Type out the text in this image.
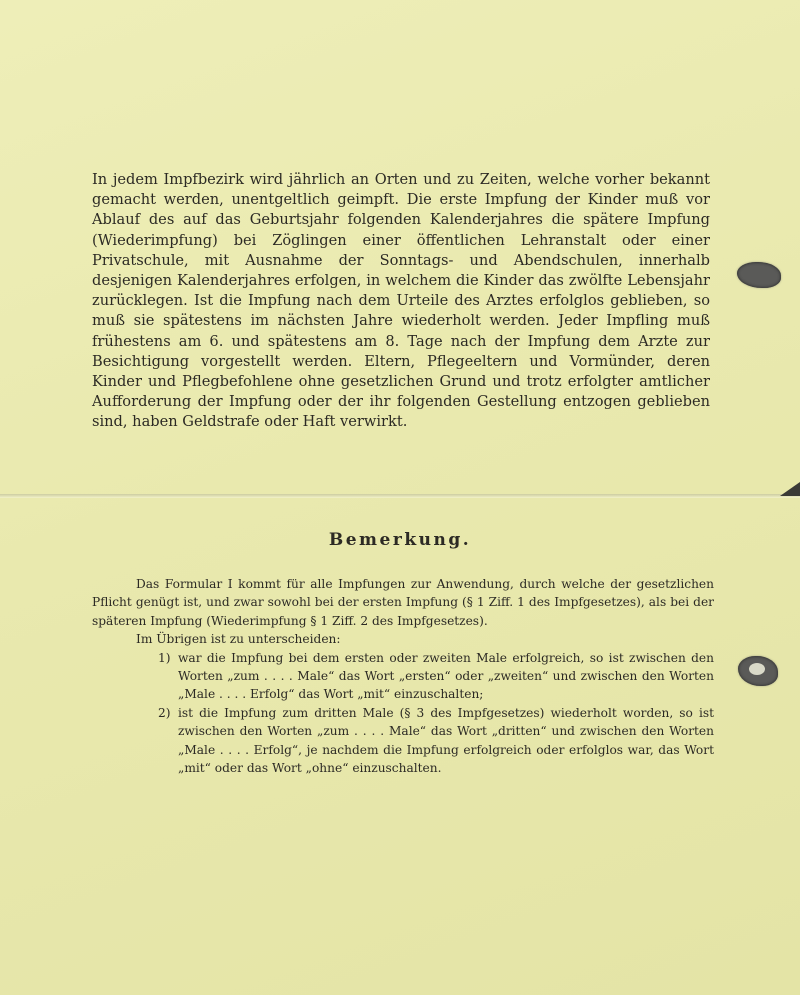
In jedem Impfbezirk wird jährlich an Orten und zu Zeiten, welche vorher bekannt gemacht werden, unentgeltlich geimpft. Die erste Impfung der Kinder muß vor Ablauf des auf das Geburtsjahr folgenden Kalenderjahres die spätere Impfung (Wiederimpfung) bei Zöglingen einer öffentlichen Lehranstalt oder einer Privatschule, mit Ausnahme der Sonntags- und Abendschulen, innerhalb desjenigen Kalenderjahres erfolgen, in welchem die Kinder das zwölfte Lebensjahr zurücklegen. Ist die Impfung nach dem Urteile des Arztes erfolglos geblieben, so muß sie spätestens im nächsten Jahre wiederholt werden. Jeder Impfling muß frühestens am 6. und spätestens am 8. Tage nach der Impfung dem Arzte zur Besichtigung vorgestellt werden. Eltern, Pflegeeltern und Vormünder, deren Kinder und Pflegbefohlene ohne gesetzlichen Grund und trotz erfolgter amtlicher Aufforderung der Impfung oder der ihr folgenden Gestellung entzogen geblieben sind, haben Geldstrafe oder Haft verwirkt.

Bemerkung.

Das Formular I kommt für alle Impfungen zur Anwendung, durch welche der gesetzlichen Pflicht genügt ist, und zwar sowohl bei der ersten Impfung (§ 1 Ziff. 1 des Impfgesetzes), als bei der späteren Impfung (Wiederimpfung § 1 Ziff. 2 des Impfgesetzes).

Im Übrigen ist zu unterscheiden:

1) war die Impfung bei dem ersten oder zweiten Male erfolgreich, so ist zwischen den Worten „zum . . . . Male“ das Wort „ersten“ oder „zweiten“ und zwischen den Worten „Male . . . . Erfolg“ das Wort „mit“ einzuschalten;
2) ist die Impfung zum dritten Male (§ 3 des Impfgesetzes) wiederholt worden, so ist zwischen den Worten „zum . . . . Male“ das Wort „dritten“ und zwischen den Worten „Male . . . . Erfolg“, je nachdem die Impfung erfolgreich oder erfolglos war, das Wort „mit“ oder das Wort „ohne“ einzuschalten.
